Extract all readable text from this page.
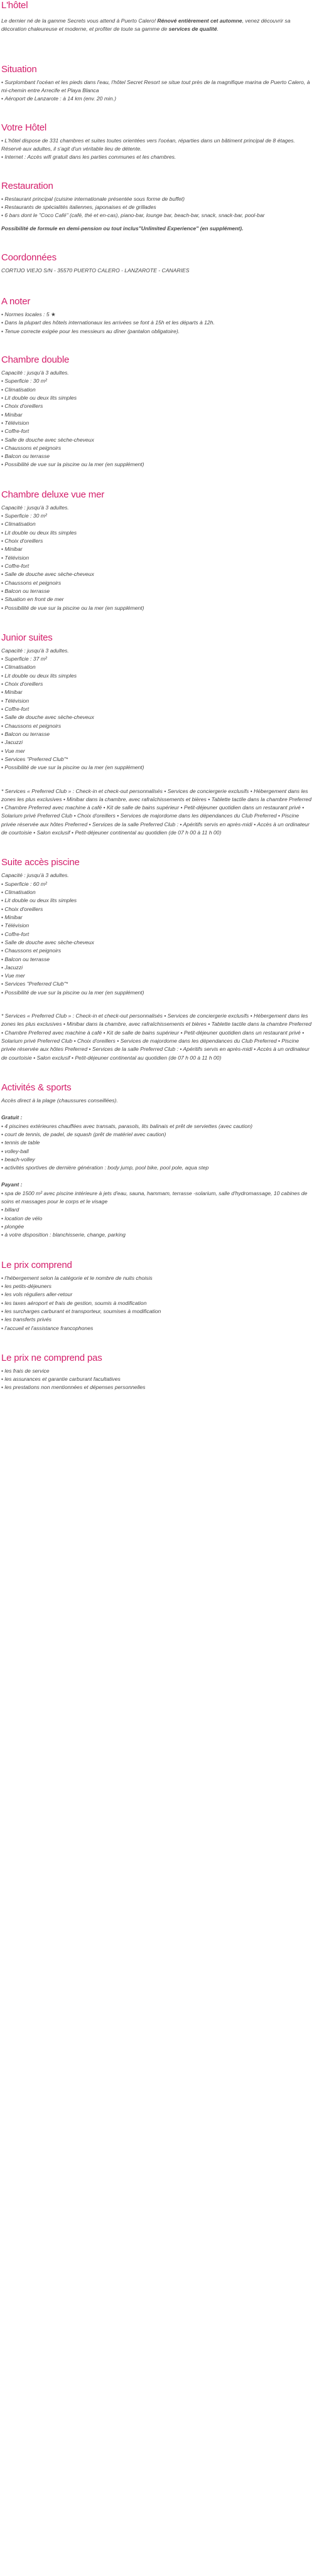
L'hôtel

Le dernier né de la gamme Secrets vous attend à Puerto Calero! Rénové entièrement cet automne, venez découvrir sa décoration chaleureuse et moderne, et profiter de toute sa gamme de services de qualité.

Situation
• Surplombant l'océan et les pieds dans l'eau, l'hôtel Secret Resort se situe tout près de la magnifique marina de Puerto Calero, à mi-chemin entre Arrecife et Playa Blanca
• Aéroport de Lanzarote : à 14 km (env. 20 min.)
Votre Hôtel
• L'hôtel dispose de 331 chambres et suites toutes orientées vers l'océan, réparties dans un bâtiment principal de 8 étages. Réservé aux adultes, il s'agit d'un véritable lieu de détente.
• Internet : Accès wifi gratuit dans les parties communes et les chambres.
Restauration
• Restaurant principal (cuisine internationale présentée sous forme de buffet)
• Restaurants de spécialités italiennes, japonaises et de grillades
• 6 bars dont le "Coco Café" (café, thé et en-cas), piano-bar, lounge bar, beach-bar, snack, snack-bar, pool-bar

Possibilité de formule en demi-pension ou tout inclus"Unlimited Experience" (en supplément).

Coordonnées

CORTIJO VIEJO S/N - 35570 PUERTO CALERO - LANZAROTE - CANARIES

A noter
• Normes locales : 5 ★
• Dans la plupart des hôtels internationaux les arrivées se font à 15h et les départs à 12h.
• Tenue correcte exigée pour les messieurs au dîner (pantalon obligatoire).
Chambre double

Capacité : jusqu'à 3 adultes.

• Superficie : 30 m²
• Climatisation
• Lit double ou deux lits simples
• Choix d'oreillers
• Minibar
• Télévision
• Coffre-fort
• Salle de douche avec sèche-cheveux
• Chaussons et peignoirs
• Balcon ou terrasse
• Possibilité de vue sur la piscine ou la mer (en supplément)
Chambre deluxe vue mer

Capacité : jusqu'à 3 adultes.

• Superficie : 30 m²
• Climatisation
• Lit double ou deux lits simples
• Choix d'oreillers
• Minibar
• Télévision
• Coffre-fort
• Salle de douche avec sèche-cheveux
• Chaussons et peignoirs
• Balcon ou terrasse
• Situation en front de mer
• Possibilité de vue sur la piscine ou la mer (en supplément)
Junior suites

Capacité : jusqu'à 3 adultes.

• Superficie : 37 m²
• Climatisation
• Lit double ou deux lits simples
• Choix d'oreillers
• Minibar
• Télévision
• Coffre-fort
• Salle de douche avec sèche-cheveux
• Chaussons et peignoirs
• Balcon ou terrasse
• Jacuzzi
• Vue mer
• Services "Preferred Club"*
• Possibilité de vue sur la piscine ou la mer (en supplément)

* Services « Preferred Club » : Check-in et check-out personnalisés • Services de conciergerie exclusifs • Hébergement dans les zones les plus exclusives • Minibar dans la chambre, avec rafraîchissements et bières • Tablette tactile dans la chambre Preferred • Chambre Preferred avec machine à café • Kit de salle de bains supérieur • Petit-déjeuner quotidien dans un restaurant privé • Solarium privé Preferred Club • Choix d'oreillers • Services de majordome dans les dépendances du Club Preferred • Piscine privée réservée aux hôtes Preferred • Services de la salle Preferred Club : • Apéritifs servis en après-midi • Accès à un ordinateur de courtoisie • Salon exclusif • Petit-déjeuner continental au quotidien (de 07 h 00 à 11 h 00)

Suite accès piscine

Capacité : jusqu'à 3 adultes.

• Superficie : 60 m²
• Climatisation
• Lit double ou deux lits simples
• Choix d'oreillers
• Minibar
• Télévision
• Coffre-fort
• Salle de douche avec sèche-cheveux
• Chaussons et peignoirs
• Balcon ou terrasse
• Jacuzzi
• Vue mer
• Services "Preferred Club"*
• Possibilité de vue sur la piscine ou la mer (en supplément)

* Services « Preferred Club » : Check-in et check-out personnalisés • Services de conciergerie exclusifs • Hébergement dans les zones les plus exclusives • Minibar dans la chambre, avec rafraîchissements et bières • Tablette tactile dans la chambre Preferred • Chambre Preferred avec machine à café • Kit de salle de bains supérieur • Petit-déjeuner quotidien dans un restaurant privé • Solarium privé Preferred Club • Choix d'oreillers • Services de majordome dans les dépendances du Club Preferred • Piscine privée réservée aux hôtes Preferred • Services de la salle Preferred Club : • Apéritifs servis en après-midi • Accès à un ordinateur de courtoisie • Salon exclusif • Petit-déjeuner continental au quotidien (de 07 h 00 à 11 h 00)

Activités & sports

Accès direct à la plage (chaussures conseillées).

Gratuit :

• 4 piscines extérieures chauffées avec transats, parasols, lits balinais et prêt de serviettes (avec caution)
• court de tennis, de padel, de squash (prêt de matériel avec caution)
• tennis de table
• volley-ball
• beach-volley
• activités sportives de dernière génération : body jump, pool bike, pool pole, aqua step

Payant :

• spa de 1500 m² avec piscine intérieure à jets d'eau, sauna, hammam, terrasse -solarium, salle d'hydromassage, 10 cabines de soins et massages pour le corps et le visage
• billard
• location de vélo
• plongée
• à votre disposition : blanchisserie, change, parking
Le prix comprend
• l'hébergement selon la catégorie et le nombre de nuits choisis
• les petits-déjeuners
• les vols réguliers aller-retour
• les taxes aéroport et frais de gestion, soumis à modification
• les surcharges carburant et transporteur, soumises à modification
• les transferts privés
• l'accueil et l'assistance francophones
Le prix ne comprend pas
• les frais de service
• les assurances et garantie carburant facultatives
• les prestations non mentionnées et dépenses personnelles
